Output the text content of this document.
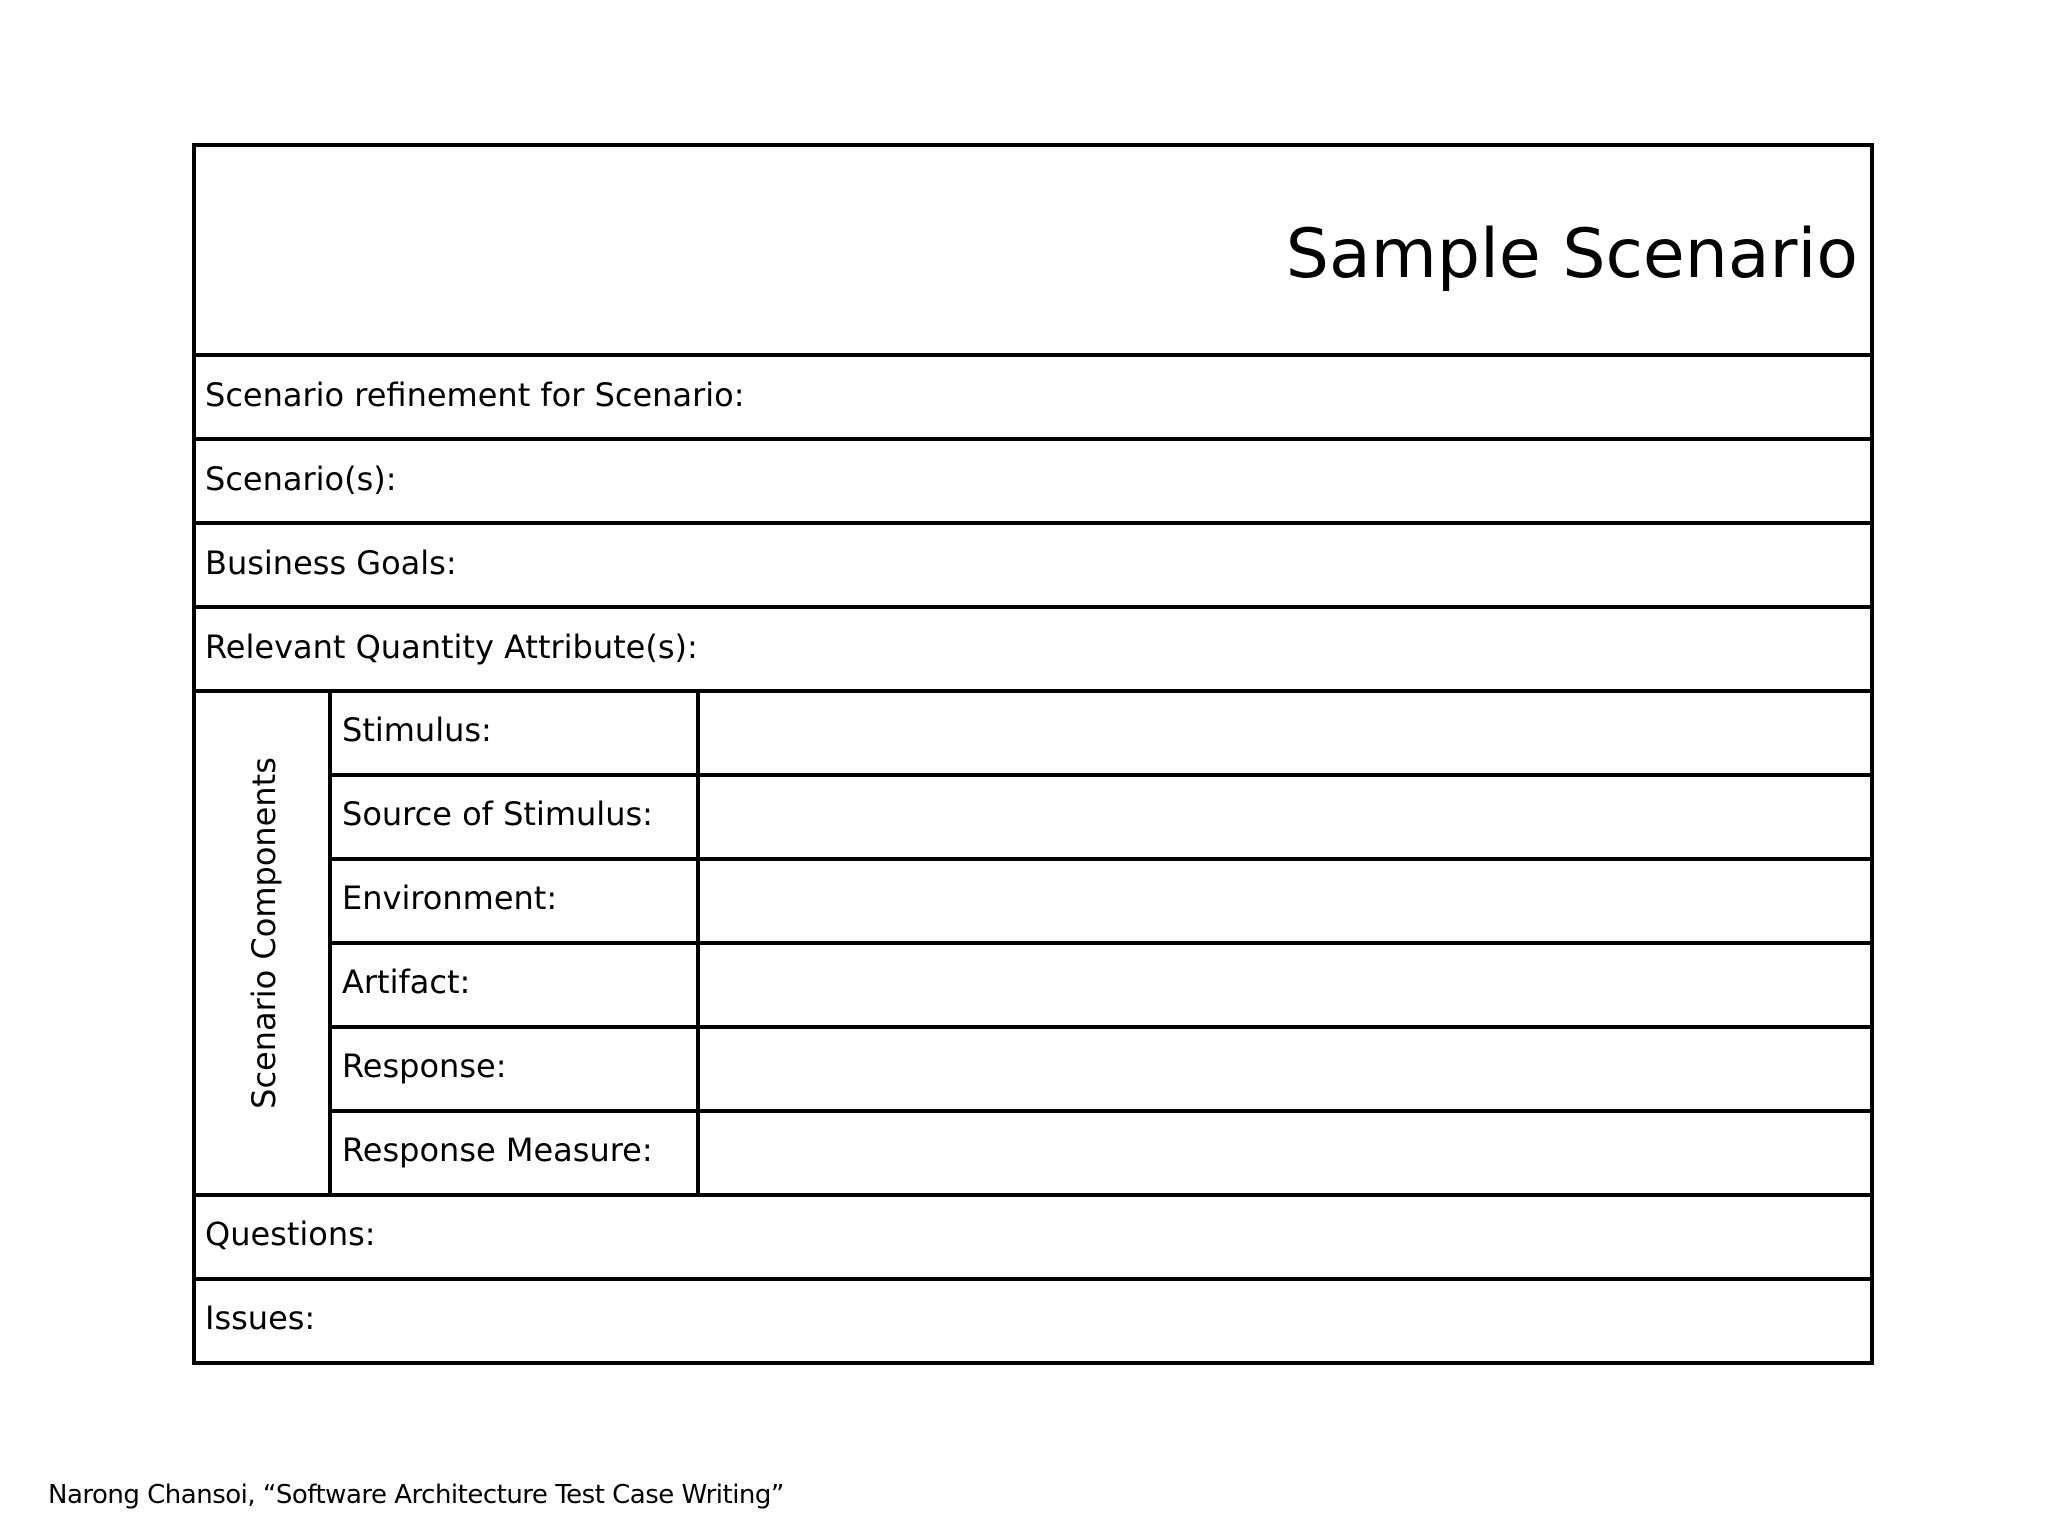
Sample Scenario
Scenario refinement for Scenario:
Scenario(s):
Business Goals:
Relevant Quantity Attribute(s):
Scenario Components
Stimulus:
Source of Stimulus:
Environment:
Artifact:
Response:
Response Measure:
Questions:
Issues:
Narong Chansoi, “Software Architecture Test Case Writing”
